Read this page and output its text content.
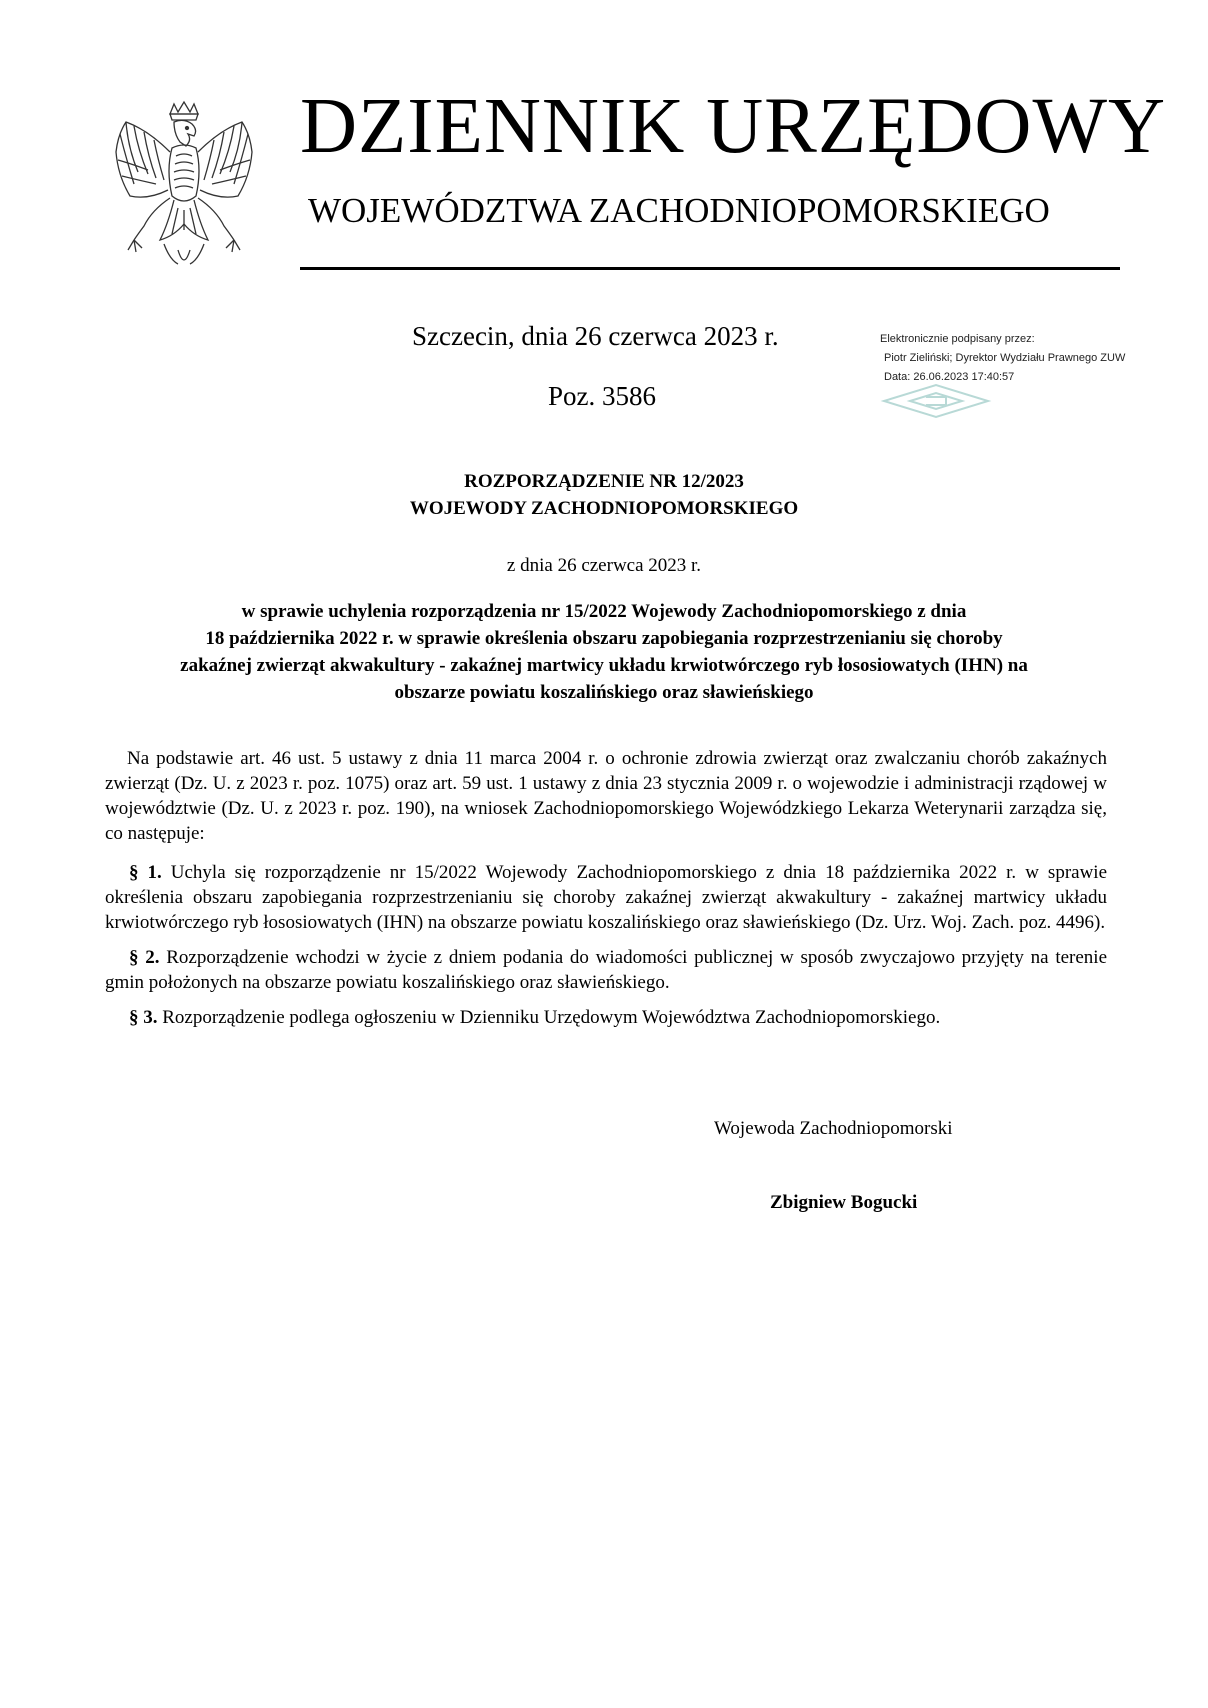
DZIENNIK URZĘDOWY
WOJEWÓDZTWA ZACHODNIOPOMORSKIEGO
Szczecin, dnia 26 czerwca 2023 r.
Poz. 3586
Elektronicznie podpisany przez:
Piotr Zieliński; Dyrektor Wydziału Prawnego ZUW
Data: 26.06.2023 17:40:57
ROZPORZĄDZENIE NR 12/2023
WOJEWODY ZACHODNIOPOMORSKIEGO
z dnia 26 czerwca 2023 r.
w sprawie uchylenia rozporządzenia nr 15/2022 Wojewody Zachodniopomorskiego z dnia
18 października 2022 r. w sprawie określenia obszaru zapobiegania rozprzestrzenianiu się choroby
zakaźnej zwierząt akwakultury - zakaźnej martwicy układu krwiotwórczego ryb łososiowatych (IHN) na
obszarze powiatu koszalińskiego oraz sławieńskiego

Na podstawie art. 46 ust. 5 ustawy z dnia 11 marca 2004 r. o ochronie zdrowia zwierząt oraz zwalczaniu chorób zakaźnych zwierząt (Dz. U. z 2023 r. poz. 1075) oraz art. 59 ust. 1 ustawy z dnia 23 stycznia 2009 r. o wojewodzie i administracji rządowej w województwie (Dz. U. z 2023 r. poz. 190), na wniosek Zachodniopomorskiego Wojewódzkiego Lekarza Weterynarii zarządza się, co następuje:

§ 1. Uchyla się rozporządzenie nr 15/2022 Wojewody Zachodniopomorskiego z dnia 18 października 2022 r. w sprawie określenia obszaru zapobiegania rozprzestrzenianiu się choroby zakaźnej zwierząt akwakultury - zakaźnej martwicy układu krwiotwórczego ryb łososiowatych (IHN) na obszarze powiatu koszalińskiego oraz sławieńskiego (Dz. Urz. Woj. Zach. poz. 4496).

§ 2. Rozporządzenie wchodzi w życie z dniem podania do wiadomości publicznej w sposób zwyczajowo przyjęty na terenie gmin położonych na obszarze powiatu koszalińskiego oraz sławieńskiego.

§ 3. Rozporządzenie podlega ogłoszeniu w Dzienniku Urzędowym Województwa Zachodniopomorskiego.

Wojewoda Zachodniopomorski
Zbigniew Bogucki
